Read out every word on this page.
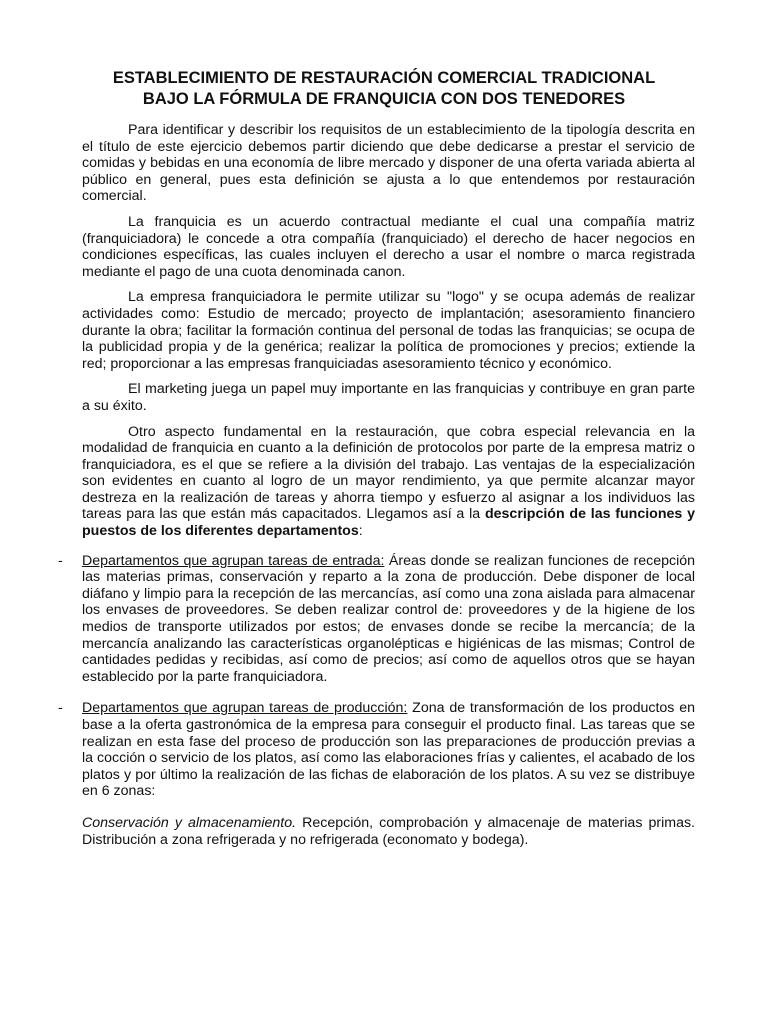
ESTABLECIMIENTO DE RESTAURACIÓN COMERCIAL TRADICIONAL
BAJO LA FÓRMULA DE FRANQUICIA CON DOS TENEDORES

Para identificar y describir los requisitos de un establecimiento de la tipología descrita en el título de este ejercicio debemos partir diciendo que debe dedicarse a prestar el servicio de comidas y bebidas en una economía de libre mercado y disponer de una oferta variada abierta al público en general, pues esta definición se ajusta a lo que entendemos por restauración comercial.

La franquicia es un acuerdo contractual mediante el cual una compañía matriz (franquiciadora) le concede a otra compañía (franquiciado) el derecho de hacer negocios en condiciones específicas, las cuales incluyen el derecho a usar el nombre o marca registrada mediante el pago de una cuota denominada canon.

La empresa franquiciadora le permite utilizar su "logo" y se ocupa además de realizar actividades como: Estudio de mercado; proyecto de implantación; asesoramiento financiero durante la obra; facilitar la formación continua del personal de todas las franquicias; se ocupa de la publicidad propia y de la genérica; realizar la política de promociones y precios; extiende la red; proporcionar a las empresas franquiciadas asesoramiento técnico y económico.

El marketing juega un papel muy importante en las franquicias y contribuye en gran parte a su éxito.

Otro aspecto fundamental en la restauración, que cobra especial relevancia en la modalidad de franquicia en cuanto a la definición de protocolos por parte de la empresa matriz o franquiciadora, es el que se refiere a la división del trabajo. Las ventajas de la especialización son evidentes en cuanto al logro de un mayor rendimiento, ya que permite alcanzar mayor destreza en la realización de tareas y ahorra tiempo y esfuerzo al asignar a los individuos las tareas para las que están más capacitados. Llegamos así a la descripción de las funciones y puestos de los diferentes departamentos:

- Departamentos que agrupan tareas de entrada: Áreas donde se realizan funciones de recepción las materias primas, conservación y reparto a la zona de producción. Debe disponer de local diáfano y limpio para la recepción de las mercancías, así como una zona aislada para almacenar los envases de proveedores. Se deben realizar control de: proveedores y de la higiene de los medios de transporte utilizados por estos; de envases donde se recibe la mercancía; de la mercancía analizando las características organolépticas e higiénicas de las mismas; Control de cantidades pedidas y recibidas, así como de precios; así como de aquellos otros que se hayan establecido por la parte franquiciadora.
- Departamentos que agrupan tareas de producción: Zona de transformación de los productos en base a la oferta gastronómica de la empresa para conseguir el producto final. Las tareas que se realizan en esta fase del proceso de producción son las preparaciones de producción previas a la cocción o servicio de los platos, así como las elaboraciones frías y calientes, el acabado de los platos y por último la realización de las fichas de elaboración de los platos. A su vez se distribuye en 6 zonas:

Conservación y almacenamiento. Recepción, comprobación y almacenaje de materias primas. Distribución a zona refrigerada y no refrigerada (economato y bodega).
